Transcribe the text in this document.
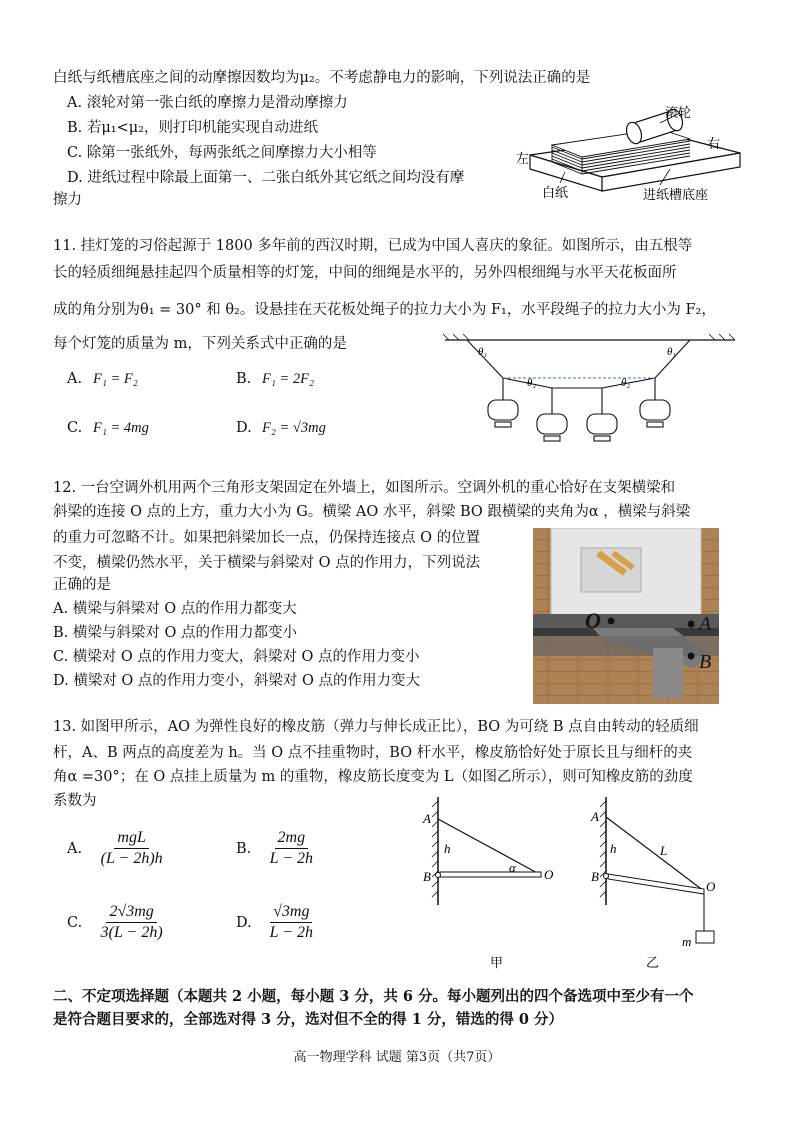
白纸与纸槽底座之间的动摩擦因数均为μ₂。不考虑静电力的影响，下列说法正确的是
A. 滚轮对第一张白纸的摩擦力是滑动摩擦力
B. 若μ₁<μ₂，则打印机能实现自动进纸
C. 除第一张纸外，每两张纸之间摩擦力大小相等
D. 进纸过程中除最上面第一、二张白纸外其它纸之间均没有摩
擦力
滚轮
右
左
白纸	进纸槽底座
11. 挂灯笼的习俗起源于 1800 多年前的西汉时期，已成为中国人喜庆的象征。如图所示，由五根等
长的轻质细绳悬挂起四个质量相等的灯笼，中间的细绳是水平的，另外四根细绳与水平天花板面所
成的角分别为θ₁ = 30° 和 θ₂。设悬挂在天花板处绳子的拉力大小为 F₁，水平段绳子的拉力大小为 F₂，
每个灯笼的质量为 m，下列关系式中正确的是
A. F₁ = F₂	B. F₁ = 2F₂
C. F₁ = 4mg	D. F₂ = √3mg
θ₁	θ₁
θ₂	θ₂
12. 一台空调外机用两个三角形支架固定在外墙上，如图所示。空调外机的重心恰好在支架横梁和
斜梁的连接 O 点的上方，重力大小为 G。横梁 AO 水平，斜梁 BO 跟横梁的夹角为α ，横梁与斜梁
的重力可忽略不计。如果把斜梁加长一点，仍保持连接点 O 的位置
不变，横梁仍然水平，关于横梁与斜梁对 O 点的作用力，下列说法
正确的是
A. 横梁与斜梁对 O 点的作用力都变大
B. 横梁与斜梁对 O 点的作用力都变小
C. 横梁对 O 点的作用力变大，斜梁对 O 点的作用力变小
D. 横梁对 O 点的作用力变小，斜梁对 O 点的作用力变大
O	A
B
13. 如图甲所示，AO 为弹性良好的橡皮筋（弹力与伸长成正比），BO 为可绕 B 点自由转动的轻质细
杆，A、B 两点的高度差为 h。当 O 点不挂重物时，BO 杆水平，橡皮筋恰好处于原长且与细杆的夹
角α =30°；在 O 点挂上质量为 m 的重物，橡皮筋长度变为 L（如图乙所示），则可知橡皮筋的劲度
系数为
A. $\frac{\text{mgL}}{(L - 2h)h}$	B. $\frac{2mg}{L - 2h}$
C. $\frac{2√3mg}{3(L - 2h)}$	D. $\frac{√3mg}{L - 2h}$
A
B	O
h
α
甲
A
B
O
h	L
m
乙
二、不定项选择题（本题共 2 小题，每小题 3 分，共 6 分。每小题列出的四个备选项中至少有一个
是符合题目要求的，全部选对得 3 分，选对但不全的得 1 分，错选的得 0 分）
高一物理学科 试题 第3页（共7页）
